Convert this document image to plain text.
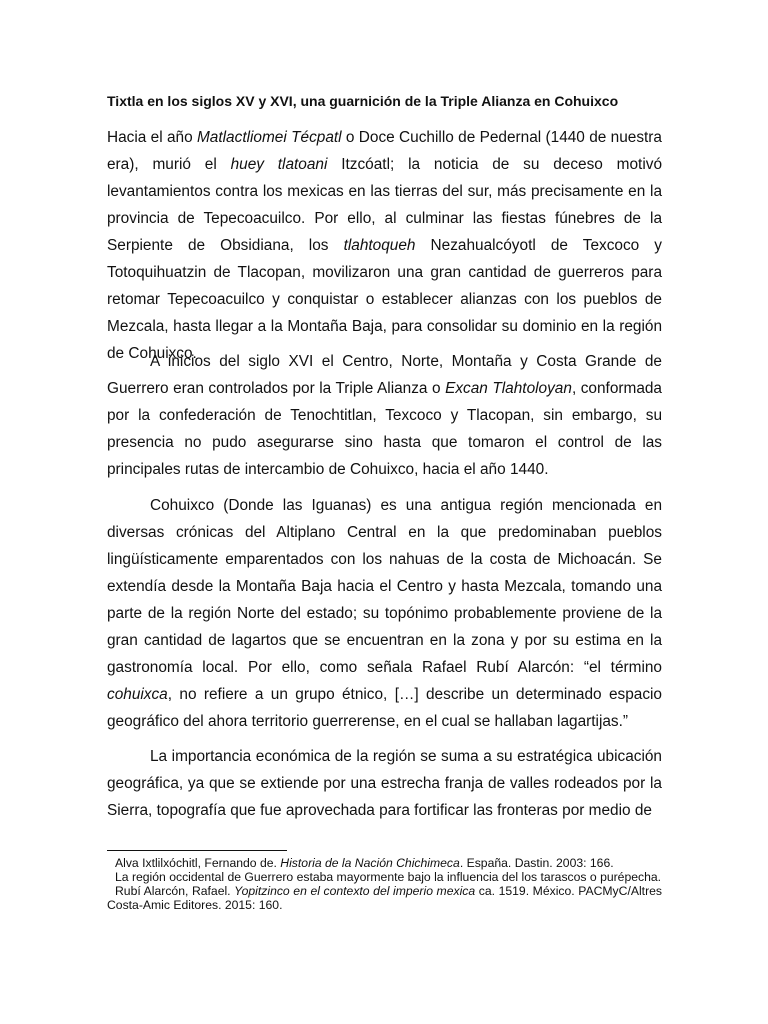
Tixtla en los siglos XV y XVI, una guarnición de la Triple Alianza en Cohuixco

Hacia el año Matlactliomei Técpatl o Doce Cuchillo de Pedernal (1440 de nuestra era), murió el huey tlatoani Itzcóatl; la noticia de su deceso motivó levantamientos contra los mexicas en las tierras del sur, más precisamente en la provincia de Tepecoacuilco. Por ello, al culminar las fiestas fúnebres de la Serpiente de Obsidiana, los tlahtoqueh Nezahualcóyotl de Texcoco y Totoquihuatzin de Tlacopan, movilizaron una gran cantidad de guerreros para retomar Tepecoacuilco y conquistar o establecer alianzas con los pueblos de Mezcala, hasta llegar a la Montaña Baja, para consolidar su dominio en la región de Cohuixco.

A inicios del siglo XVI el Centro, Norte, Montaña y Costa Grande de Guerrero eran controlados por la Triple Alianza o Excan Tlahtoloyan, conformada por la confederación de Tenochtitlan, Texcoco y Tlacopan, sin embargo, su presencia no pudo asegurarse sino hasta que tomaron el control de las principales rutas de intercambio de Cohuixco, hacia el año 1440.

Cohuixco (Donde las Iguanas) es una antigua región mencionada en diversas crónicas del Altiplano Central en la que predominaban pueblos lingüísticamente emparentados con los nahuas de la costa de Michoacán. Se extendía desde la Montaña Baja hacia el Centro y hasta Mezcala, tomando una parte de la región Norte del estado; su topónimo probablemente proviene de la gran cantidad de lagartos que se encuentran en la zona y por su estima en la gastronomía local. Por ello, como señala Rafael Rubí Alarcón: “el término cohuixca, no refiere a un grupo étnico, […] describe un determinado espacio geográfico del ahora territorio guerrerense, en el cual se hallaban lagartijas.”

La importancia económica de la región se suma a su estratégica ubicación geográfica, ya que se extiende por una estrecha franja de valles rodeados por la Sierra, topografía que fue aprovechada para fortificar las fronteras por medio de

Alva Ixtlilxóchitl, Fernando de. Historia de la Nación Chichimeca. España. Dastin. 2003: 166.

La región occidental de Guerrero estaba mayormente bajo la influencia del los tarascos o purépecha.

Rubí Alarcón, Rafael. Yopitzinco en el contexto del imperio mexica ca. 1519. México. PACMyC/Altres Costa-Amic Editores. 2015: 160.
